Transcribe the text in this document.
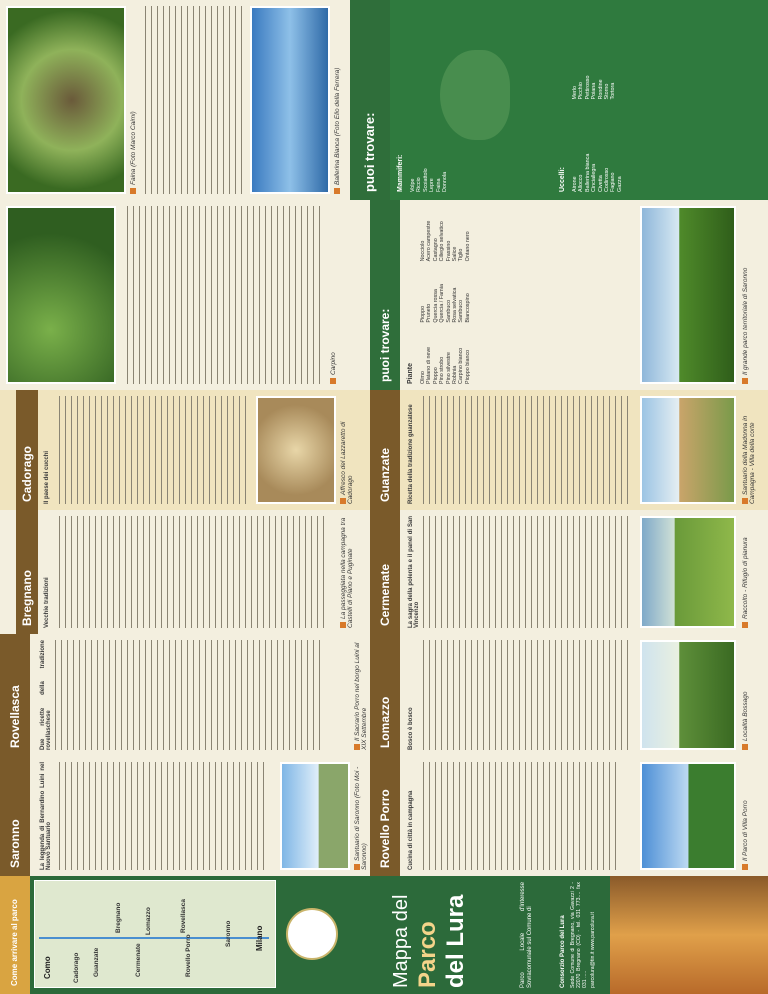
Come arrivare al parco	Como	Cadorago Guanzate
Bregnano	Lomazzo
Cermenate
Rovellasca
Rovello Porro
Saronno	Milano	Mappa del Parco del Lura	Parco Locale d'Interesse Sovracomunale sul Comune di	Consorzio Parco del Lura Sede Comune di Bregnano, via Gavazzi 2 - 22070 Bregnano (CO) - tel. 031 773.... fax 031 ..... parcolura@tin.it www.parcolura.it
Saronno	La leggenda di Bernardino Luini nel Nuovo Santuario	Santuario di Saronno (Foto Moi - Saronno) Rovello Porro	Cucina di città in campagna	Il Parco di Villa Porro
Rovellasca	Due ricette della tradizione rovellaschese	Il Sacrario Porro nel borgo Luini al XIX Settembre Lomazzo	Bosco è bosco	Località Bossago
Bregnano	Vecchie tradizioni	La passeggiata nella campagna tra Castelli di Piano e Puginate	Cermenate	La sagra della polenta e il panel di San Vincenzo	Raccolto - Rifugio di pianura
Cadorago	Il paese dei cucchi	Affresco del Lazzaretto di Cadorago	Guanzate	Ricetta della tradizione guanzatese	Santuario della Madonna in Campagna - Villa della corte
Carpino	puoi trovare:	Piante Olmo Platano di neve Pioppo Pino strobo Pino silvestre Robinia Carpino bianco Pioppo bianco
Pioppo Pruneto Quercia rossa Quercia / Farnia Sambuco Rosa selvatica Sambuco Biancospino
Nocciolo Acero campestre Castagno Ciliegio selvatico Frassino Salice Tiglio Ontano nero
Il grande parco territoriale di Saronno
Faina (Foto Marco Caimi)	Ballerina Bianca (Foto Elio della Ferrera)	puoi trovare:	Mammiferi: Volpe Riccio Scoiattolo Lepre Faina Donnola	Uccelli: Airone Allocco Ballerina bianca Cinciallegra Civetta Codirosso Fagiano Gazza
Merlo Picchio Pettirosso Poiana Rondine Storno Tortora
